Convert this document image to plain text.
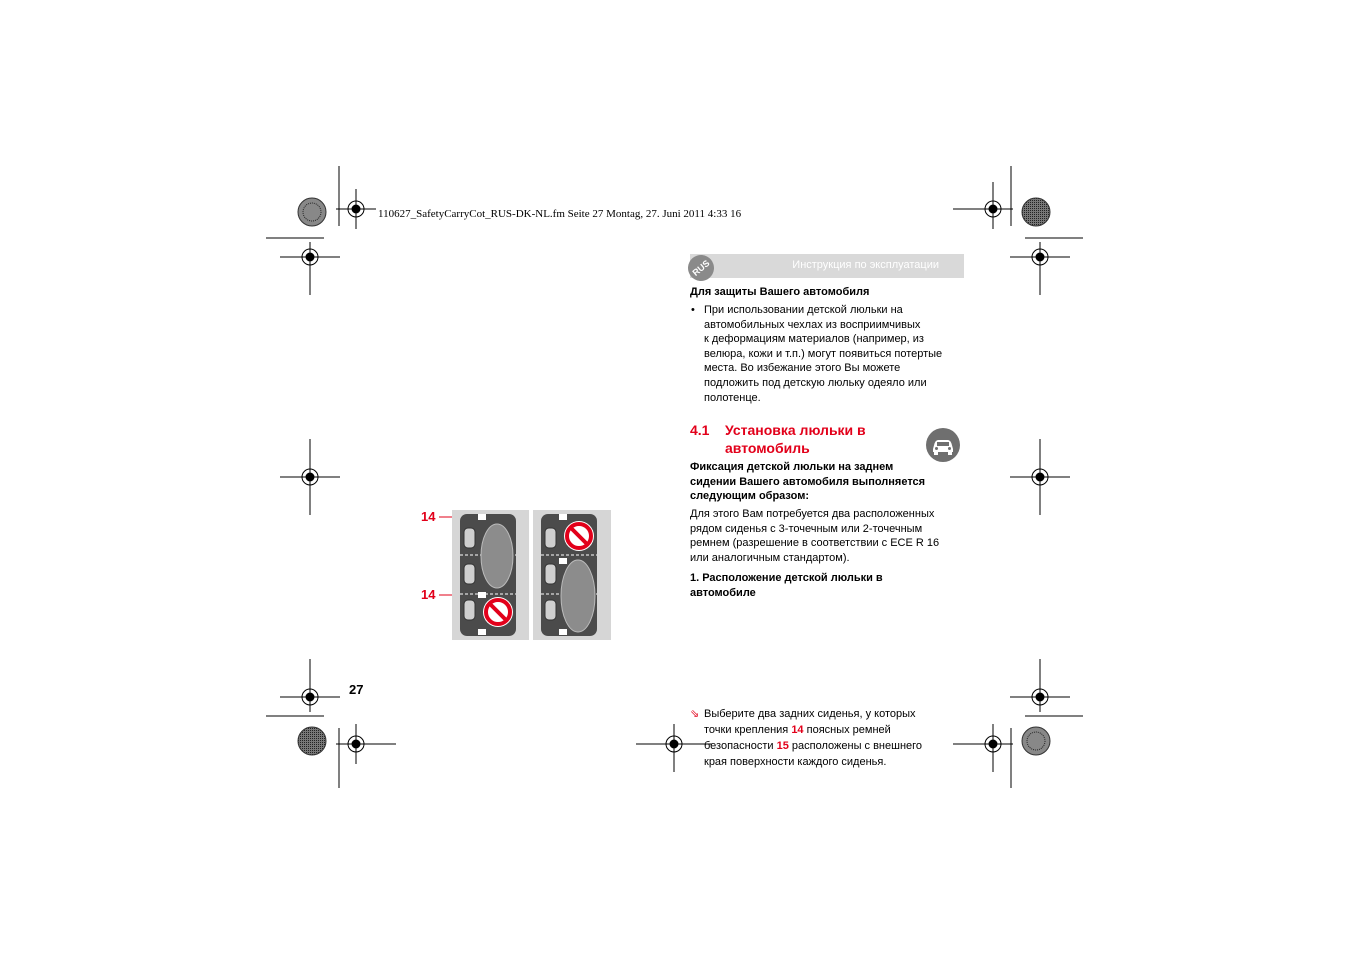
110627_SafetyCarryCot_RUS-DK-NL.fm Seite 27 Montag, 27. Juni 2011 4:33 16
RUS	Инструкция по эксплуатации
Для защиты Вашего автомобиля
• При использовании детской люльки на
автомобильных чехлах из восприимчивых
к деформациям материалов (например, из
велюра, кожи и т.п.) могут появиться потертые
места. Во избежание этого Вы можете
подложить под детскую люльку одеяло или
полотенце.
4.1	Установка люльки в
автомобиль
Фиксация детской люльки на заднем
сидении Вашего автомобиля выполняется
следующим образом:
Для этого Вам потребуется два расположенных
рядом сиденья с 3-точечным или 2-точечным
ремнем (разрешение в соответствии с ECE R 16
или аналогичным стандартом).
1. Расположение детской люльки в
автомобиле
⇘ Выберите два задних сиденья, у которых
точки крепления 14 поясных ремней
безопасности 15 расположены с внешнего
края поверхности каждого сиденья.
14
14
27
